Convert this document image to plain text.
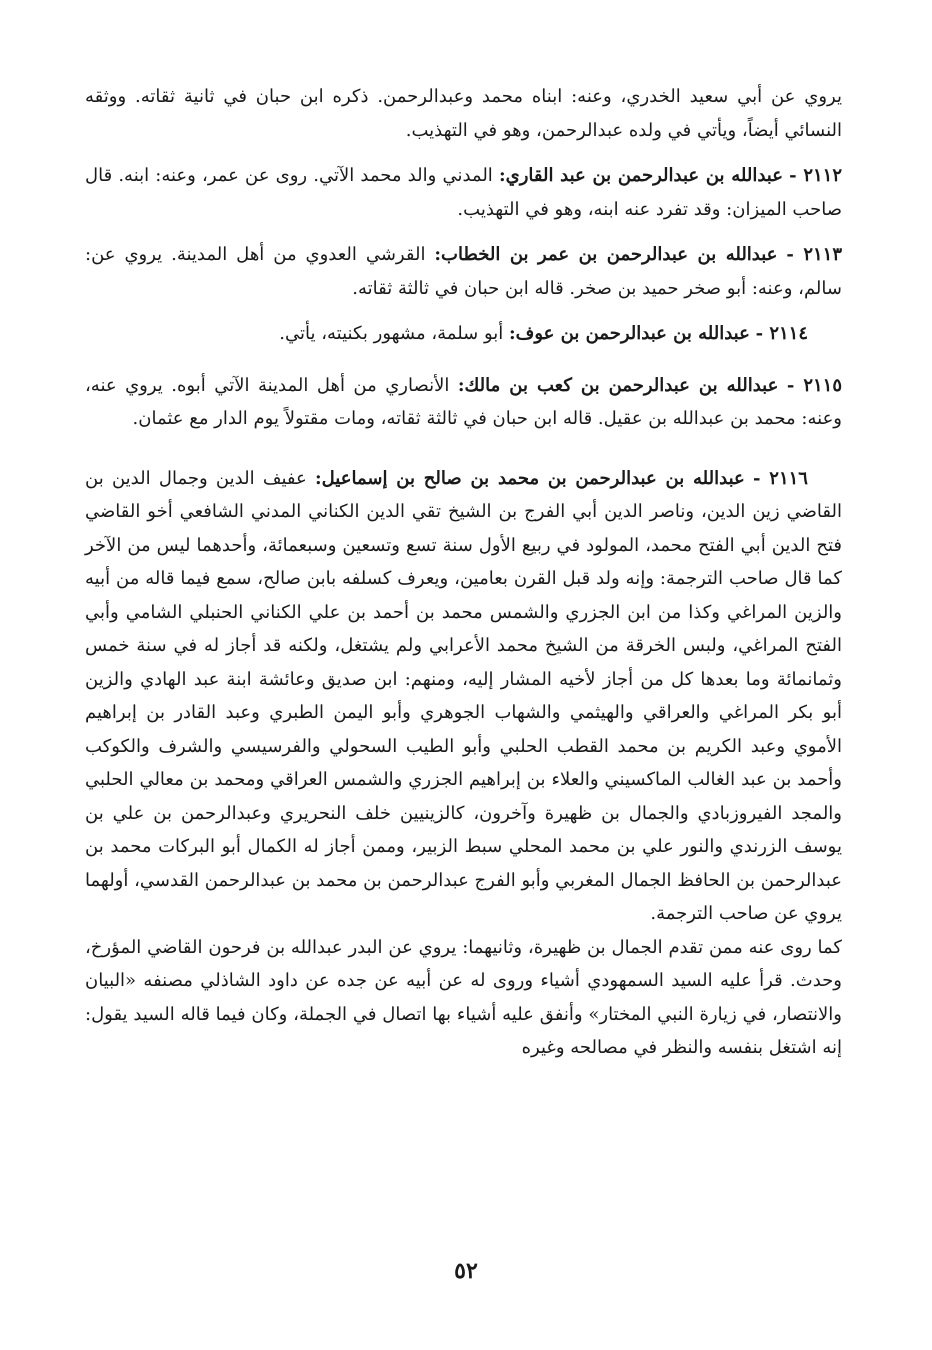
يروي عن أبي سعيد الخدري، وعنه: ابناه محمد وعبدالرحمن. ذكره ابن حبان في ثانية ثقاته. ووثقه النسائي أيضاً، ويأتي في ولده عبدالرحمن، وهو في التهذيب.

٢١١٢ - عبدالله بن عبدالرحمن بن عبد القاري: المدني والد محمد الآتي. روى عن عمر، وعنه: ابنه. قال صاحب الميزان: وقد تفرد عنه ابنه، وهو في التهذيب.

٢١١٣ - عبدالله بن عبدالرحمن بن عمر بن الخطاب: القرشي العدوي من أهل المدينة. يروي عن: سالم، وعنه: أبو صخر حميد بن صخر. قاله ابن حبان في ثالثة ثقاته.

٢١١٤ - عبدالله بن عبدالرحمن بن عوف: أبو سلمة، مشهور بكنيته، يأتي.

٢١١٥ - عبدالله بن عبدالرحمن بن كعب بن مالك: الأنصاري من أهل المدينة الآتي أبوه. يروي عنه، وعنه: محمد بن عبدالله بن عقيل. قاله ابن حبان في ثالثة ثقاته، ومات مقتولاً يوم الدار مع عثمان.

٢١١٦ - عبدالله بن عبدالرحمن بن محمد بن صالح بن إسماعيل: عفيف الدين وجمال الدين بن القاضي زين الدين، وناصر الدين أبي الفرج بن الشيخ تقي الدين الكناني المدني الشافعي أخو القاضي فتح الدين أبي الفتح محمد، المولود في ربيع الأول سنة تسع وتسعين وسبعمائة، وأحدهما ليس من الآخر كما قال صاحب الترجمة: وإنه ولد قبل القرن بعامين، ويعرف كسلفه بابن صالح، سمع فيما قاله من أبيه والزين المراغي وكذا من ابن الجزري والشمس محمد بن أحمد بن علي الكناني الحنبلي الشامي وأبي الفتح المراغي، ولبس الخرقة من الشيخ محمد الأعرابي ولم يشتغل، ولكنه قد أجاز له في سنة خمس وثمانمائة وما بعدها كل من أجاز لأخيه المشار إليه، ومنهم: ابن صديق وعائشة ابنة عبد الهادي والزين أبو بكر المراغي والعراقي والهيثمي والشهاب الجوهري وأبو اليمن الطبري وعبد القادر بن إبراهيم الأموي وعبد الكريم بن محمد القطب الحلبي وأبو الطيب السحولي والفرسيسي والشرف والكوكب وأحمد بن عبد الغالب الماكسيني والعلاء بن إبراهيم الجزري والشمس العراقي ومحمد بن معالي الحلبي والمجد الفيروزبادي والجمال بن ظهيرة وآخرون، كالزينيين خلف النحريري وعبدالرحمن بن علي بن يوسف الزرندي والنور علي بن محمد المحلي سبط الزبير، وممن أجاز له الكمال أبو البركات محمد بن عبدالرحمن بن الحافظ الجمال المغربي وأبو الفرج عبدالرحمن بن محمد بن عبدالرحمن القدسي، أولهما يروي عن صاحب الترجمة.

كما روى عنه ممن تقدم الجمال بن ظهيرة، وثانيهما: يروي عن البدر عبدالله بن فرحون القاضي المؤرخ، وحدث. قرأ عليه السيد السمهودي أشياء وروى له عن أبيه عن جده عن داود الشاذلي مصنفه «البيان والانتصار، في زيارة النبي المختار» وأنفق عليه أشياء بها اتصال في الجملة، وكان فيما قاله السيد يقول: إنه اشتغل بنفسه والنظر في مصالحه وغيره

٥٢
